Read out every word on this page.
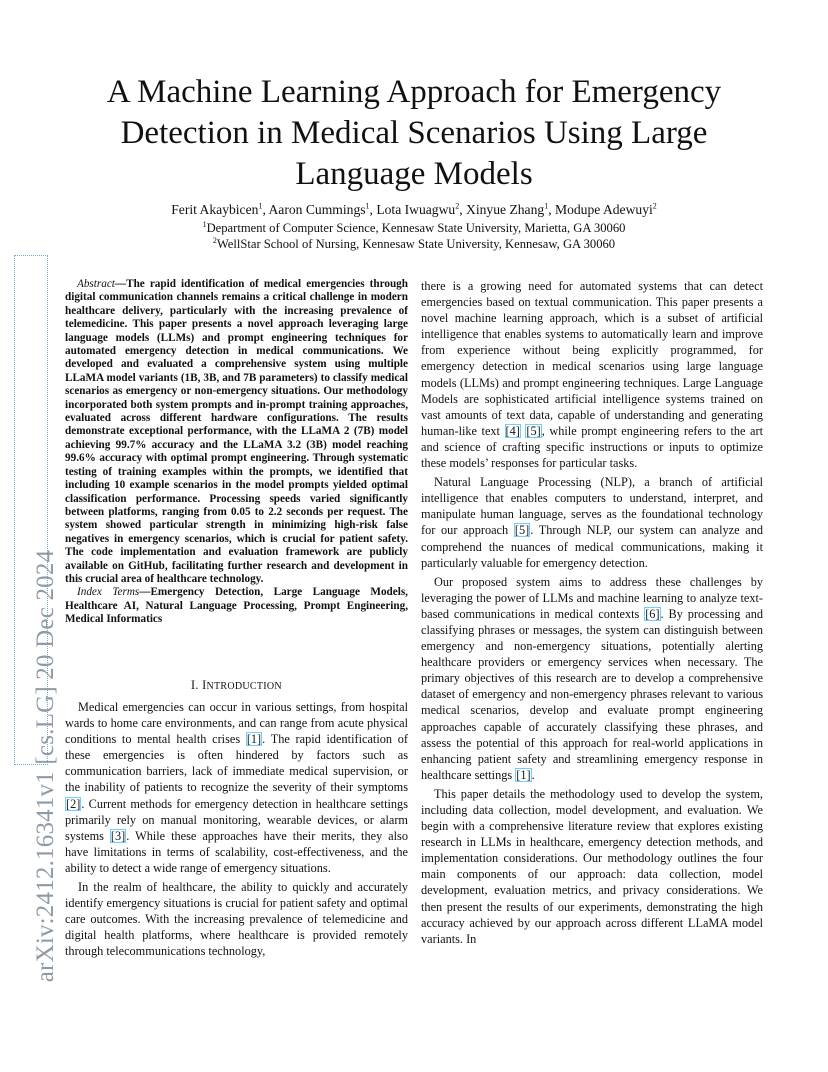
arXiv:2412.16341v1 [cs.LG] 20 Dec 2024
A Machine Learning Approach for Emergency Detection in Medical Scenarios Using Large Language Models
Ferit Akaybicen$^1$, Aaron Cummings$^1$, Lota Iwuagwu$^2$, Xinyue Zhang$^1$, Modupe Adewuyi$^2$
$^1$Department of Computer Science, Kennesaw State University, Marietta, GA 30060
$^2$WellStar School of Nursing, Kennesaw State University, Kennesaw, GA 30060

Abstract—The rapid identification of medical emergencies through digital communication channels remains a critical challenge in modern healthcare delivery, particularly with the increasing prevalence of telemedicine. This paper presents a novel approach leveraging large language models (LLMs) and prompt engineering techniques for automated emergency detection in medical communications. We developed and evaluated a comprehensive system using multiple LLaMA model variants (1B, 3B, and 7B parameters) to classify medical scenarios as emergency or non-emergency situations. Our methodology incorporated both system prompts and in-prompt training approaches, evaluated across different hardware configurations. The results demonstrate exceptional performance, with the LLaMA 2 (7B) model achieving 99.7% accuracy and the LLaMA 3.2 (3B) model reaching 99.6% accuracy with optimal prompt engineering. Through systematic testing of training examples within the prompts, we identified that including 10 example scenarios in the model prompts yielded optimal classification performance. Processing speeds varied significantly between platforms, ranging from 0.05 to 2.2 seconds per request. The system showed particular strength in minimizing high-risk false negatives in emergency scenarios, which is crucial for patient safety. The code implementation and evaluation framework are publicly available on GitHub, facilitating further research and development in this crucial area of healthcare technology.

Index Terms—Emergency Detection, Large Language Models, Healthcare AI, Natural Language Processing, Prompt Engineering, Medical Informatics

I. INTRODUCTION

Medical emergencies can occur in various settings, from hospital wards to home care environments, and can range from acute physical conditions to mental health crises [1]. The rapid identification of these emergencies is often hindered by factors such as communication barriers, lack of immediate medical supervision, or the inability of patients to recognize the severity of their symptoms [2]. Current methods for emergency detection in healthcare settings primarily rely on manual monitoring, wearable devices, or alarm systems [3]. While these approaches have their merits, they also have limitations in terms of scalability, cost-effectiveness, and the ability to detect a wide range of emergency situations.

In the realm of healthcare, the ability to quickly and accurately identify emergency situations is crucial for patient safety and optimal care outcomes. With the increasing prevalence of telemedicine and digital health platforms, where healthcare is provided remotely through telecommunications technology,

there is a growing need for automated systems that can detect emergencies based on textual communication. This paper presents a novel machine learning approach, which is a subset of artificial intelligence that enables systems to automatically learn and improve from experience without being explicitly programmed, for emergency detection in medical scenarios using large language models (LLMs) and prompt engineering techniques. Large Language Models are sophisticated artificial intelligence systems trained on vast amounts of text data, capable of understanding and generating human-like text [4] [5], while prompt engineering refers to the art and science of crafting specific instructions or inputs to optimize these models’ responses for particular tasks.

Natural Language Processing (NLP), a branch of artificial intelligence that enables computers to understand, interpret, and manipulate human language, serves as the foundational technology for our approach [5]. Through NLP, our system can analyze and comprehend the nuances of medical communications, making it particularly valuable for emergency detection.

Our proposed system aims to address these challenges by leveraging the power of LLMs and machine learning to analyze text-based communications in medical contexts [6]. By processing and classifying phrases or messages, the system can distinguish between emergency and non-emergency situations, potentially alerting healthcare providers or emergency services when necessary. The primary objectives of this research are to develop a comprehensive dataset of emergency and non-emergency phrases relevant to various medical scenarios, develop and evaluate prompt engineering approaches capable of accurately classifying these phrases, and assess the potential of this approach for real-world applications in enhancing patient safety and streamlining emergency response in healthcare settings [1].

This paper details the methodology used to develop the system, including data collection, model development, and evaluation. We begin with a comprehensive literature review that explores existing research in LLMs in healthcare, emergency detection methods, and implementation considerations. Our methodology outlines the four main components of our approach: data collection, model development, evaluation metrics, and privacy considerations. We then present the results of our experiments, demonstrating the high accuracy achieved by our approach across different LLaMA model variants. In
